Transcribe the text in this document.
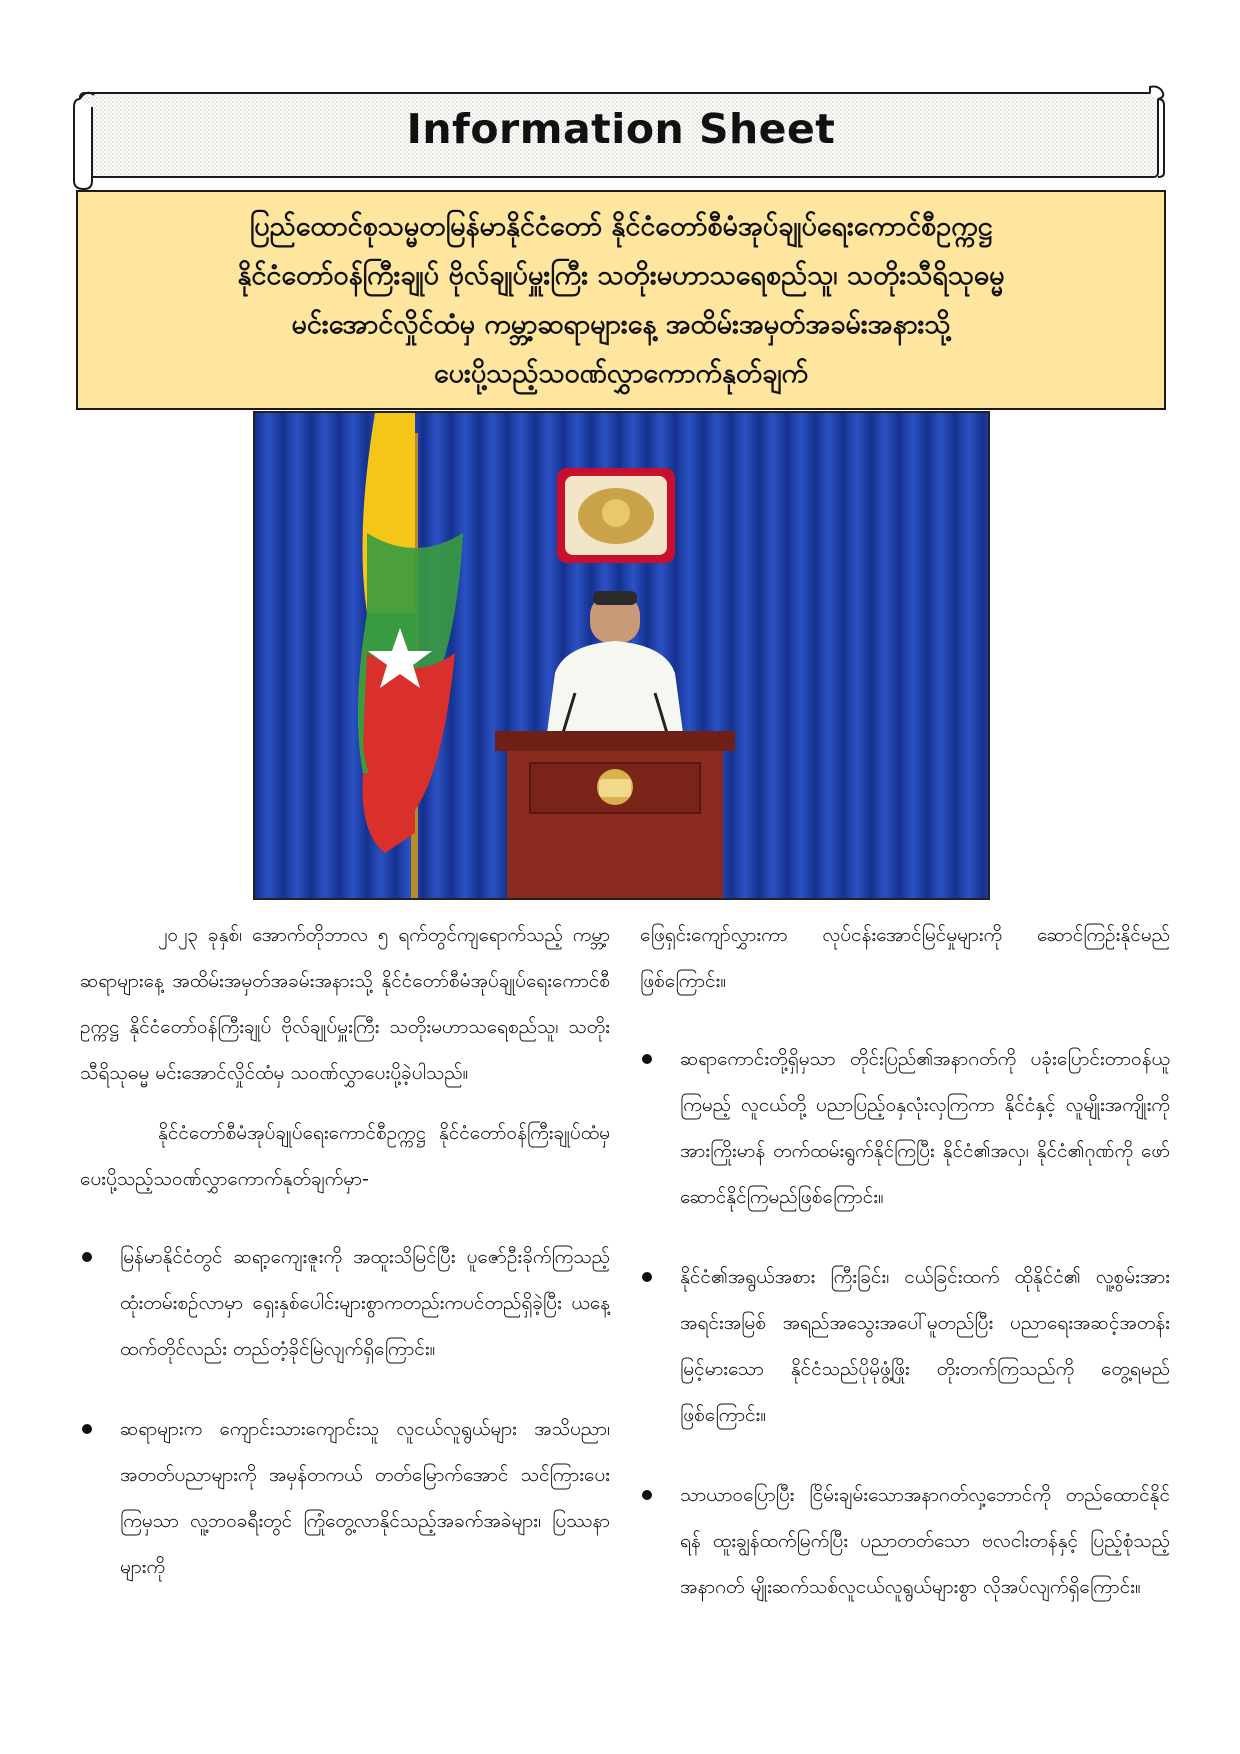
Information Sheet
ပြည်ထောင်စုသမ္မတမြန်မာနိုင်ငံတော် နိုင်ငံတော်စီမံအုပ်ချုပ်ရေးကောင်စီဥက္ကဋ္ဌ
နိုင်ငံတော်ဝန်ကြီးချုပ် ဗိုလ်ချုပ်မှူးကြီး သတိုးမဟာသရေစည်သူ၊ သတိုးသီရိသုဓမ္မ
မင်းအောင်လှိုင်ထံမှ ကမ္ဘာ့ဆရာများနေ့ အထိမ်းအမှတ်အခမ်းအနားသို့
ပေးပို့သည့်သဝဏ်လွှာကောက်နုတ်ချက်

၂၀၂၃ ခုနှစ်၊ အောက်တိုဘာလ ၅ ရက်တွင်ကျရောက်သည့် ကမ္ဘာ့ဆရာများနေ့ အထိမ်းအမှတ်အခမ်းအနားသို့ နိုင်ငံတော်စီမံအုပ်ချုပ်ရေးကောင်စီဥက္ကဋ္ဌ နိုင်ငံတော်ဝန်ကြီးချုပ် ဗိုလ်ချုပ်မှူးကြီး သတိုးမဟာသရေစည်သူ၊ သတိုးသီရိသုဓမ္မ မင်းအောင်လှိုင်ထံမှ သဝဏ်လွှာပေးပို့ခဲ့ပါသည်။

နိုင်ငံတော်စီမံအုပ်ချုပ်ရေးကောင်စီဥက္ကဋ္ဌ နိုင်ငံတော်ဝန်ကြီးချုပ်ထံမှ ပေးပို့သည့်သဝဏ်လွှာကောက်နုတ်ချက်မှာ-

မြန်မာနိုင်ငံတွင် ဆရာ့ကျေးဇူးကို အထူးသိမြင်ပြီး ပူဇော်ဦးခိုက်ကြသည့် ထုံးတမ်းစဉ်လာမှာ ရှေးနှစ်ပေါင်းများစွာကတည်းကပင်တည်ရှိခဲ့ပြီး ယနေ့ထက်တိုင်လည်း တည်တံ့ခိုင်မြဲလျက်ရှိကြောင်း။
ဆရာများက ကျောင်းသားကျောင်းသူ လူငယ်လူရွယ်များ အသိပညာ၊ အတတ်ပညာများကို အမှန်တကယ် တတ်မြောက်အောင် သင်ကြားပေးကြမှသာ လူ့ဘဝခရီးတွင် ကြုံတွေ့လာနိုင်သည့်အခက်အခဲများ၊ ပြဿနာများကို

ဖြေရှင်းကျော်လွှားကာ လုပ်ငန်းအောင်မြင်မှုများကို ဆောင်ကြဉ်းနိုင်မည်ဖြစ်ကြောင်း။

ဆရာကောင်းတို့ရှိမှသာ တိုင်းပြည်၏အနာဂတ်ကို ပခုံးပြောင်းတာဝန်ယူကြမည့် လူငယ်တို့ ပညာပြည့်ဝနှလုံးလှကြကာ နိုင်ငံနှင့် လူမျိုးအကျိုးကို အားကြိုးမာန် တက်ထမ်းရွက်နိုင်ကြပြီး နိုင်ငံ၏အလှ၊ နိုင်ငံ၏ဂုဏ်ကို ဖော်ဆောင်နိုင်ကြမည်ဖြစ်ကြောင်း။
နိုင်ငံ၏အရွယ်အစား ကြီးခြင်း၊ ငယ်ခြင်းထက် ထိုနိုင်ငံ၏ လူ့စွမ်းအားအရင်းအမြစ် အရည်အသွေးအပေါ်မူတည်ပြီး ပညာရေးအဆင့်အတန်းမြင့်မားသော နိုင်ငံသည်ပိုမိုဖွံ့ဖြိုး တိုးတက်ကြသည်ကို တွေ့ရမည်ဖြစ်ကြောင်း။
သာယာဝပြောပြီး ငြိမ်းချမ်းသောအနာဂတ်လှ့ဘောင်ကို တည်ထောင်နိုင်ရန် ထူးချွန်ထက်မြက်ပြီး ပညာတတ်သော ဗလငါးတန်နှင့် ပြည့်စုံသည့် အနာဂတ် မျိုးဆက်သစ်လူငယ်လူရွယ်များစွာ လိုအပ်လျက်ရှိကြောင်း။
